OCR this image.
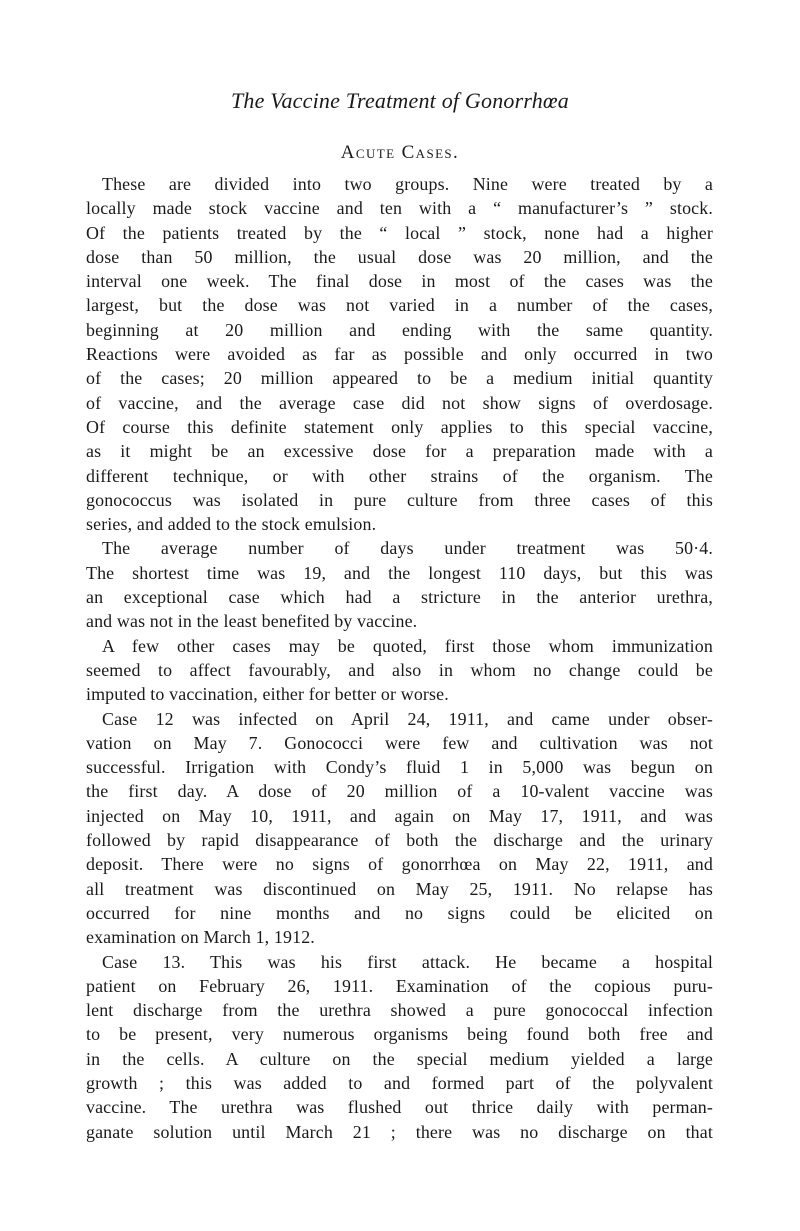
The Vaccine Treatment of Gonorrhœa
Acute Cases.
These are divided into two groups. Nine were treated by a
locally made stock vaccine and ten with a “ manufacturer’s ” stock.
Of the patients treated by the “ local ” stock, none had a higher
dose than 50 million, the usual dose was 20 million, and the
interval one week. The final dose in most of the cases was the
largest, but the dose was not varied in a number of the cases,
beginning at 20 million and ending with the same quantity.
Reactions were avoided as far as possible and only occurred in two
of the cases; 20 million appeared to be a medium initial quantity
of vaccine, and the average case did not show signs of overdosage.
Of course this definite statement only applies to this special vaccine,
as it might be an excessive dose for a preparation made with a
different technique, or with other strains of the organism. The
gonococcus was isolated in pure culture from three cases of this
series, and added to the stock emulsion.
The average number of days under treatment was 50·4.
The shortest time was 19, and the longest 110 days, but this was
an exceptional case which had a stricture in the anterior urethra,
and was not in the least benefited by vaccine.
A few other cases may be quoted, first those whom immunization
seemed to affect favourably, and also in whom no change could be
imputed to vaccination, either for better or worse.
Case 12 was infected on April 24, 1911, and came under obser-
vation on May 7. Gonococci were few and cultivation was not
successful. Irrigation with Condy’s fluid 1 in 5,000 was begun on
the first day. A dose of 20 million of a 10-valent vaccine was
injected on May 10, 1911, and again on May 17, 1911, and was
followed by rapid disappearance of both the discharge and the urinary
deposit. There were no signs of gonorrhœa on May 22, 1911, and
all treatment was discontinued on May 25, 1911. No relapse has
occurred for nine months and no signs could be elicited on
examination on March 1, 1912.
Case 13. This was his first attack. He became a hospital
patient on February 26, 1911. Examination of the copious puru-
lent discharge from the urethra showed a pure gonococcal infection
to be present, very numerous organisms being found both free and
in the cells. A culture on the special medium yielded a large
growth ; this was added to and formed part of the polyvalent
vaccine. The urethra was flushed out thrice daily with perman-
ganate solution until March 21 ; there was no discharge on that
